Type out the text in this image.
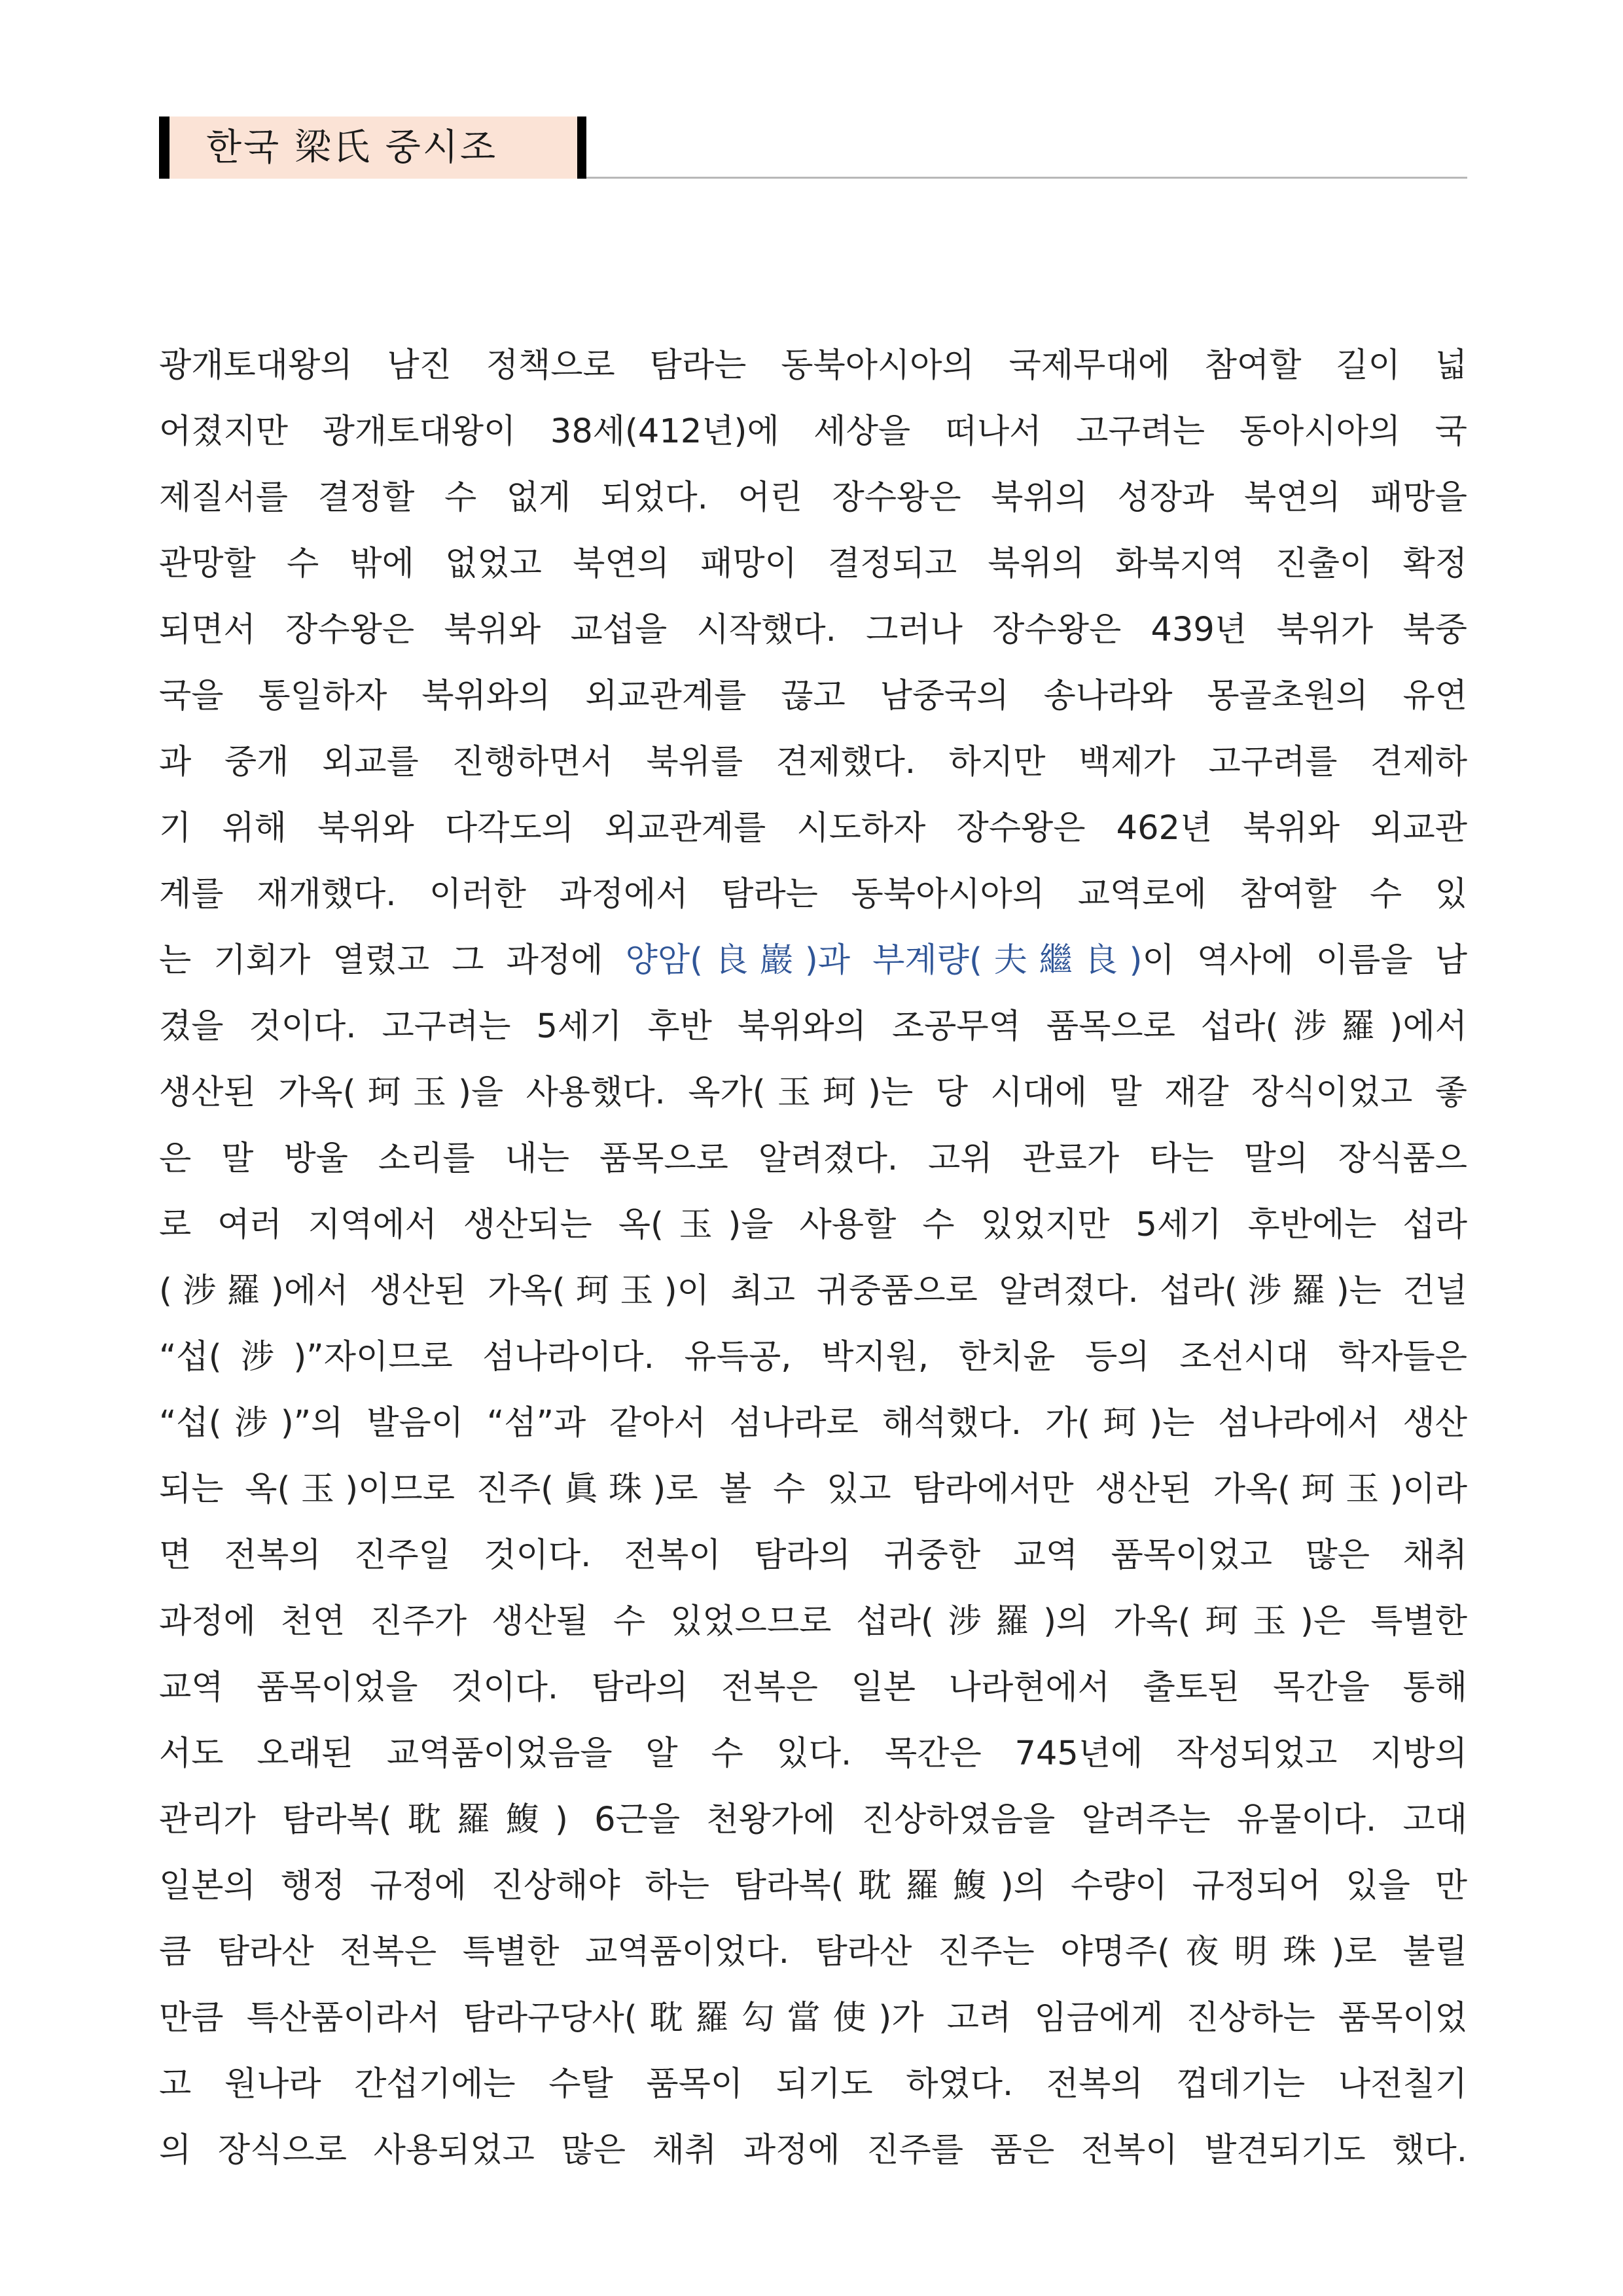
한국 梁氏 중시조
광개토대왕의 남진 정책으로 탐라는 동북아시아의 국제무대에 참여할 길이 넓
어졌지만 광개토대왕이 38세(412년)에 세상을 떠나서 고구려는 동아시아의 국
제질서를 결정할 수 없게 되었다. 어린 장수왕은 북위의 성장과 북연의 패망을
관망할 수 밖에 없었고 북연의 패망이 결정되고 북위의 화북지역 진출이 확정
되면서 장수왕은 북위와 교섭을 시작했다. 그러나 장수왕은 439년 북위가 북중
국을 통일하자 북위와의 외교관계를 끊고 남중국의 송나라와 몽골초원의 유연
과 중개 외교를 진행하면서 북위를 견제했다. 하지만 백제가 고구려를 견제하
기 위해 북위와 다각도의 외교관계를 시도하자 장수왕은 462년 북위와 외교관
계를 재개했다. 이러한 과정에서 탐라는 동북아시아의 교역로에 참여할 수 있
는 기회가 열렸고 그 과정에 양암(良巖)과 부계량(夫繼良)이 역사에 이름을 남
겼을 것이다. 고구려는 5세기 후반 북위와의 조공무역 품목으로 섭라(涉羅)에서
생산된 가옥(珂玉)을 사용했다. 옥가(玉珂)는 당 시대에 말 재갈 장식이었고 좋
은 말 방울 소리를 내는 품목으로 알려졌다. 고위 관료가 타는 말의 장식품으
로 여러 지역에서 생산되는 옥(玉)을 사용할 수 있었지만 5세기 후반에는 섭라
(涉羅)에서 생산된 가옥(珂玉)이 최고 귀중품으로 알려졌다. 섭라(涉羅)는 건널
“섭(涉)”자이므로 섬나라이다. 유득공, 박지원, 한치윤 등의 조선시대 학자들은
“섭(涉)”의 발음이 “섬”과 같아서 섬나라로 해석했다. 가(珂)는 섬나라에서 생산
되는 옥(玉)이므로 진주(眞珠)로 볼 수 있고 탐라에서만 생산된 가옥(珂玉)이라
면 전복의 진주일 것이다. 전복이 탐라의 귀중한 교역 품목이었고 많은 채취
과정에 천연 진주가 생산될 수 있었으므로 섭라(涉羅)의 가옥(珂玉)은 특별한
교역 품목이었을 것이다. 탐라의 전복은 일본 나라현에서 출토된 목간을 통해
서도 오래된 교역품이었음을 알 수 있다. 목간은 745년에 작성되었고 지방의
관리가 탐라복(耽羅鰒) 6근을 천왕가에 진상하였음을 알려주는 유물이다. 고대
일본의 행정 규정에 진상해야 하는 탐라복(耽羅鰒)의 수량이 규정되어 있을 만
큼 탐라산 전복은 특별한 교역품이었다. 탐라산 진주는 야명주(夜明珠)로 불릴
만큼 특산품이라서 탐라구당사(耽羅勾當使)가 고려 임금에게 진상하는 품목이었
고 원나라 간섭기에는 수탈 품목이 되기도 하였다. 전복의 껍데기는 나전칠기
의 장식으로 사용되었고 많은 채취 과정에 진주를 품은 전복이 발견되기도 했다.
